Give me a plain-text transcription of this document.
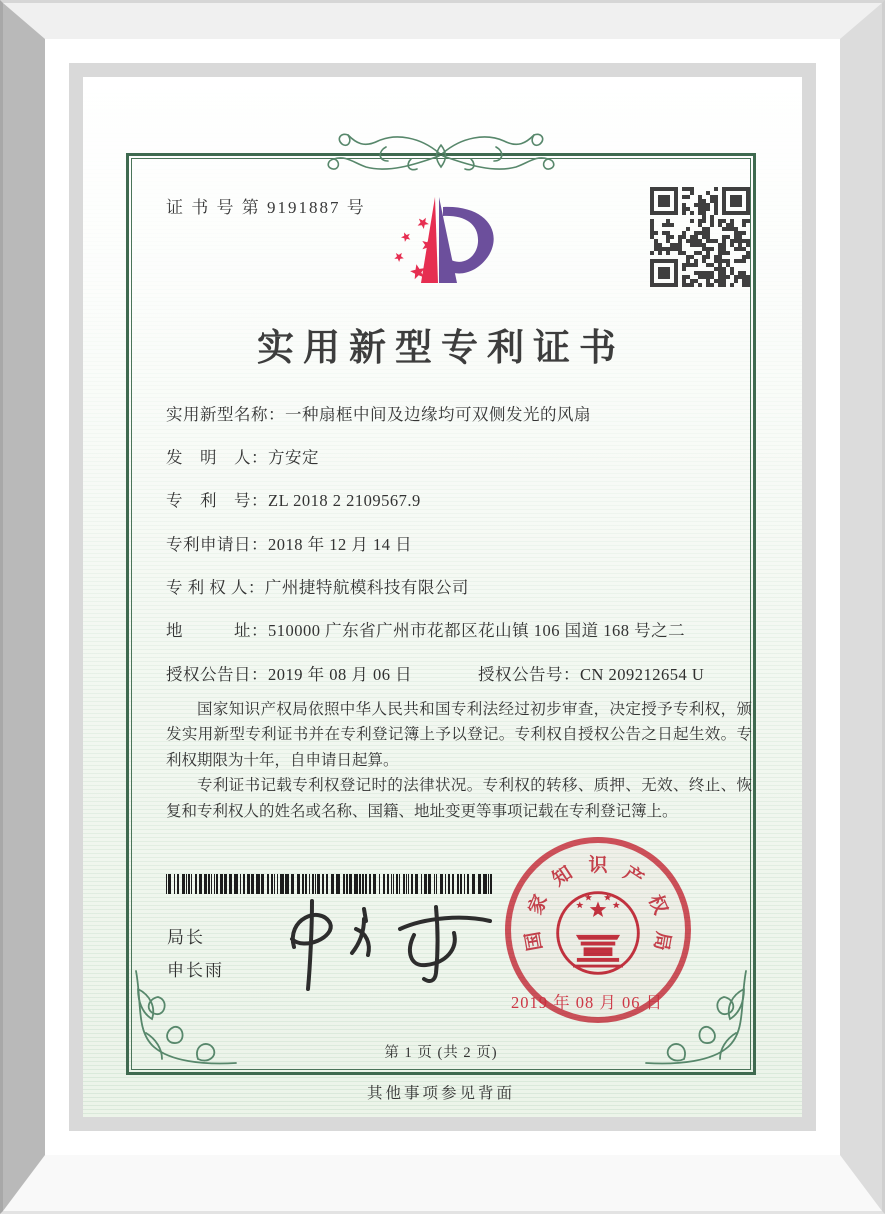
证 书 号 第 9191887 号
实用新型专利证书
实用新型名称：一种扇框中间及边缘均可双侧发光的风扇
发　明　人：方安定
专　利　号：ZL 2018 2 2109567.9
专利申请日：2018 年 12 月 14 日
专 利 权 人：广州捷特航模科技有限公司
地　　　址：510000 广东省广州市花都区花山镇 106 国道 168 号之二
授权公告日：2019 年 08 月 06 日	授权公告号：CN 209212654 U

国家知识产权局依照中华人民共和国专利法经过初步审查，决定授予专利权，颁发实用新型专利证书并在专利登记簿上予以登记。专利权自授权公告之日起生效。专利权期限为十年，自申请日起算。

专利证书记载专利权登记时的法律状况。专利权的转移、质押、无效、终止、恢复和专利权人的姓名或名称、国籍、地址变更等事项记载在专利登记簿上。

局长
申长雨
国
家
知 识 产
权
局
2019 年 08 月 06 日
第 1 页 (共 2 页)
其他事项参见背面
